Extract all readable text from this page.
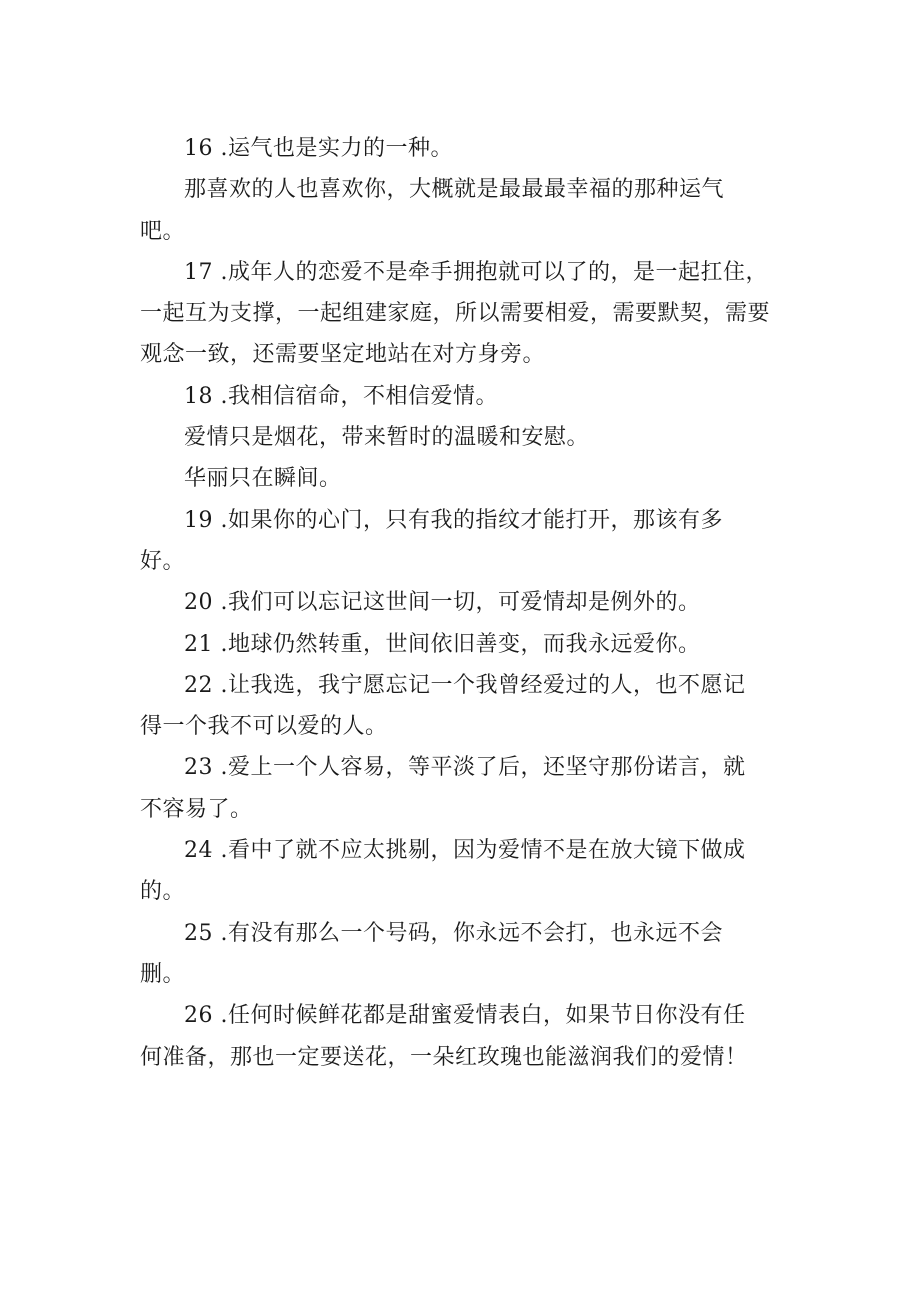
16 .运气也是实力的一种。
那喜欢的人也喜欢你，大概就是最最最幸福的那种运气
吧。
17 .成年人的恋爱不是牵手拥抱就可以了的，是一起扛住，
一起互为支撑，一起组建家庭，所以需要相爱，需要默契，需要
观念一致，还需要坚定地站在对方身旁。
18 .我相信宿命，不相信爱情。
爱情只是烟花，带来暂时的温暖和安慰。
华丽只在瞬间。
19 .如果你的心门，只有我的指纹才能打开，那该有多
好。
20 .我们可以忘记这世间一切，可爱情却是例外的。
21 .地球仍然转重，世间依旧善变，而我永远爱你。
22 .让我选，我宁愿忘记一个我曾经爱过的人，也不愿记
得一个我不可以爱的人。
23 .爱上一个人容易，等平淡了后，还坚守那份诺言，就
不容易了。
24 .看中了就不应太挑剔，因为爱情不是在放大镜下做成
的。
25 .有没有那么一个号码，你永远不会打，也永远不会
删。
26 .任何时候鲜花都是甜蜜爱情表白，如果节日你没有任
何准备，那也一定要送花，一朵红玫瑰也能滋润我们的爱情！
